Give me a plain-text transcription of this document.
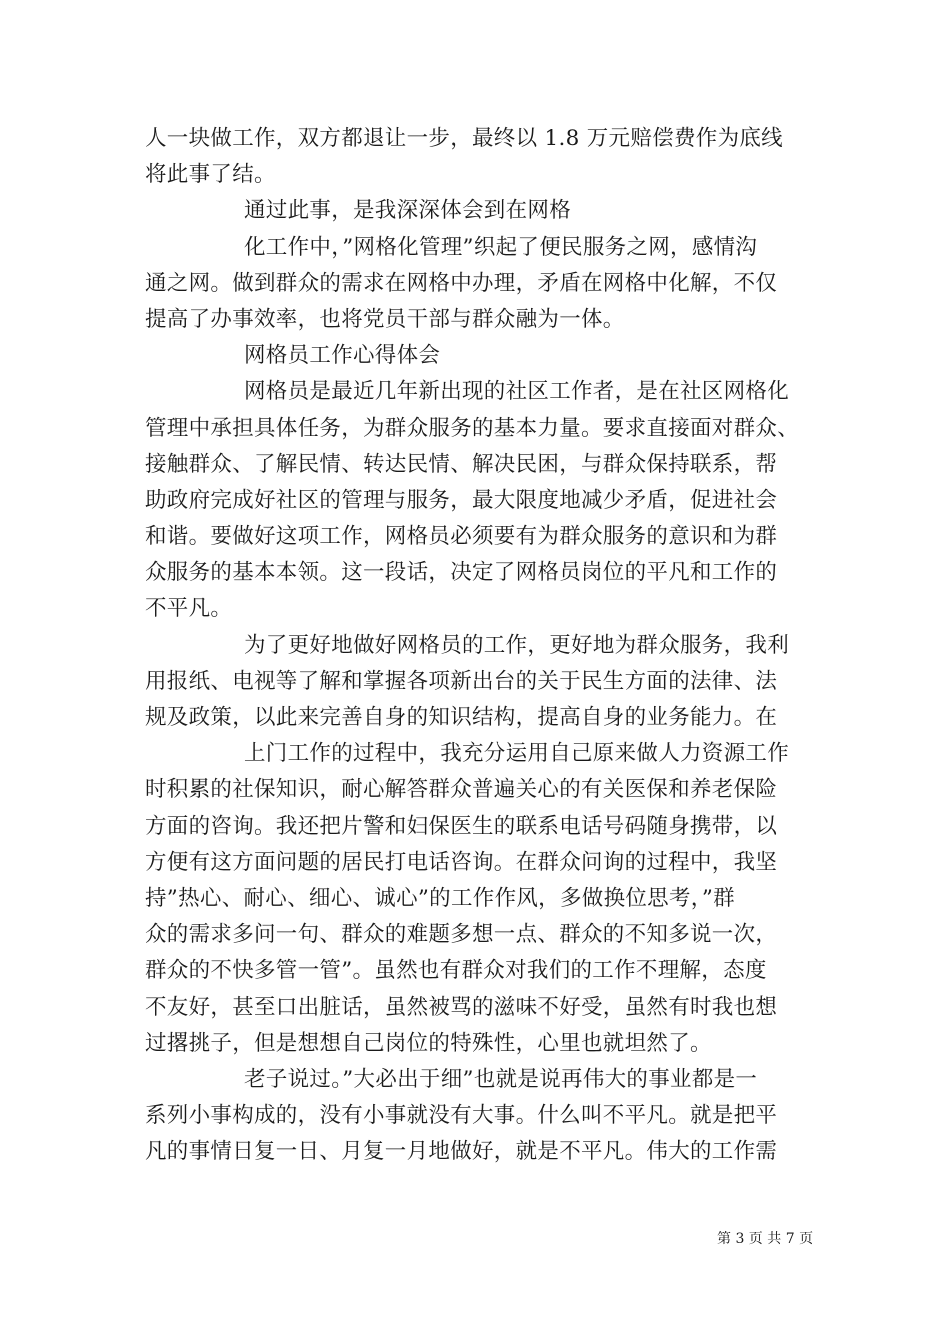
人一块做工作，双方都退让一步，最终以 1.8 万元赔偿费作为底线
将此事了结。
通过此事，是我深深体会到在网格
化工作中，”网格化管理”织起了便民服务之网，感情沟
通之网。做到群众的需求在网格中办理，矛盾在网格中化解，不仅
提高了办事效率，也将党员干部与群众融为一体。
网格员工作心得体会
网格员是最近几年新出现的社区工作者，是在社区网格化
管理中承担具体任务，为群众服务的基本力量。要求直接面对群众、
接触群众、了解民情、转达民情、解决民困，与群众保持联系，帮
助政府完成好社区的管理与服务，最大限度地减少矛盾，促进社会
和谐。要做好这项工作，网格员必须要有为群众服务的意识和为群
众服务的基本本领。这一段话，决定了网格员岗位的平凡和工作的
不平凡。
为了更好地做好网格员的工作，更好地为群众服务，我利
用报纸、电视等了解和掌握各项新出台的关于民生方面的法律、法
规及政策，以此来完善自身的知识结构，提高自身的业务能力。在
上门工作的过程中，我充分运用自己原来做人力资源工作
时积累的社保知识，耐心解答群众普遍关心的有关医保和养老保险
方面的咨询。我还把片警和妇保医生的联系电话号码随身携带，以
方便有这方面问题的居民打电话咨询。在群众问询的过程中，我坚
持”热心、耐心、细心、诚心”的工作作风，多做换位思考，”群
众的需求多问一句、群众的难题多想一点、群众的不知多说一次，
群众的不快多管一管”。虽然也有群众对我们的工作不理解，态度
不友好，甚至口出脏话，虽然被骂的滋味不好受，虽然有时我也想
过撂挑子，但是想想自己岗位的特殊性，心里也就坦然了。
老子说过。”大必出于细”也就是说再伟大的事业都是一
系列小事构成的，没有小事就没有大事。什么叫不平凡。就是把平
凡的事情日复一日、月复一月地做好，就是不平凡。伟大的工作需
第 3 页 共 7 页
